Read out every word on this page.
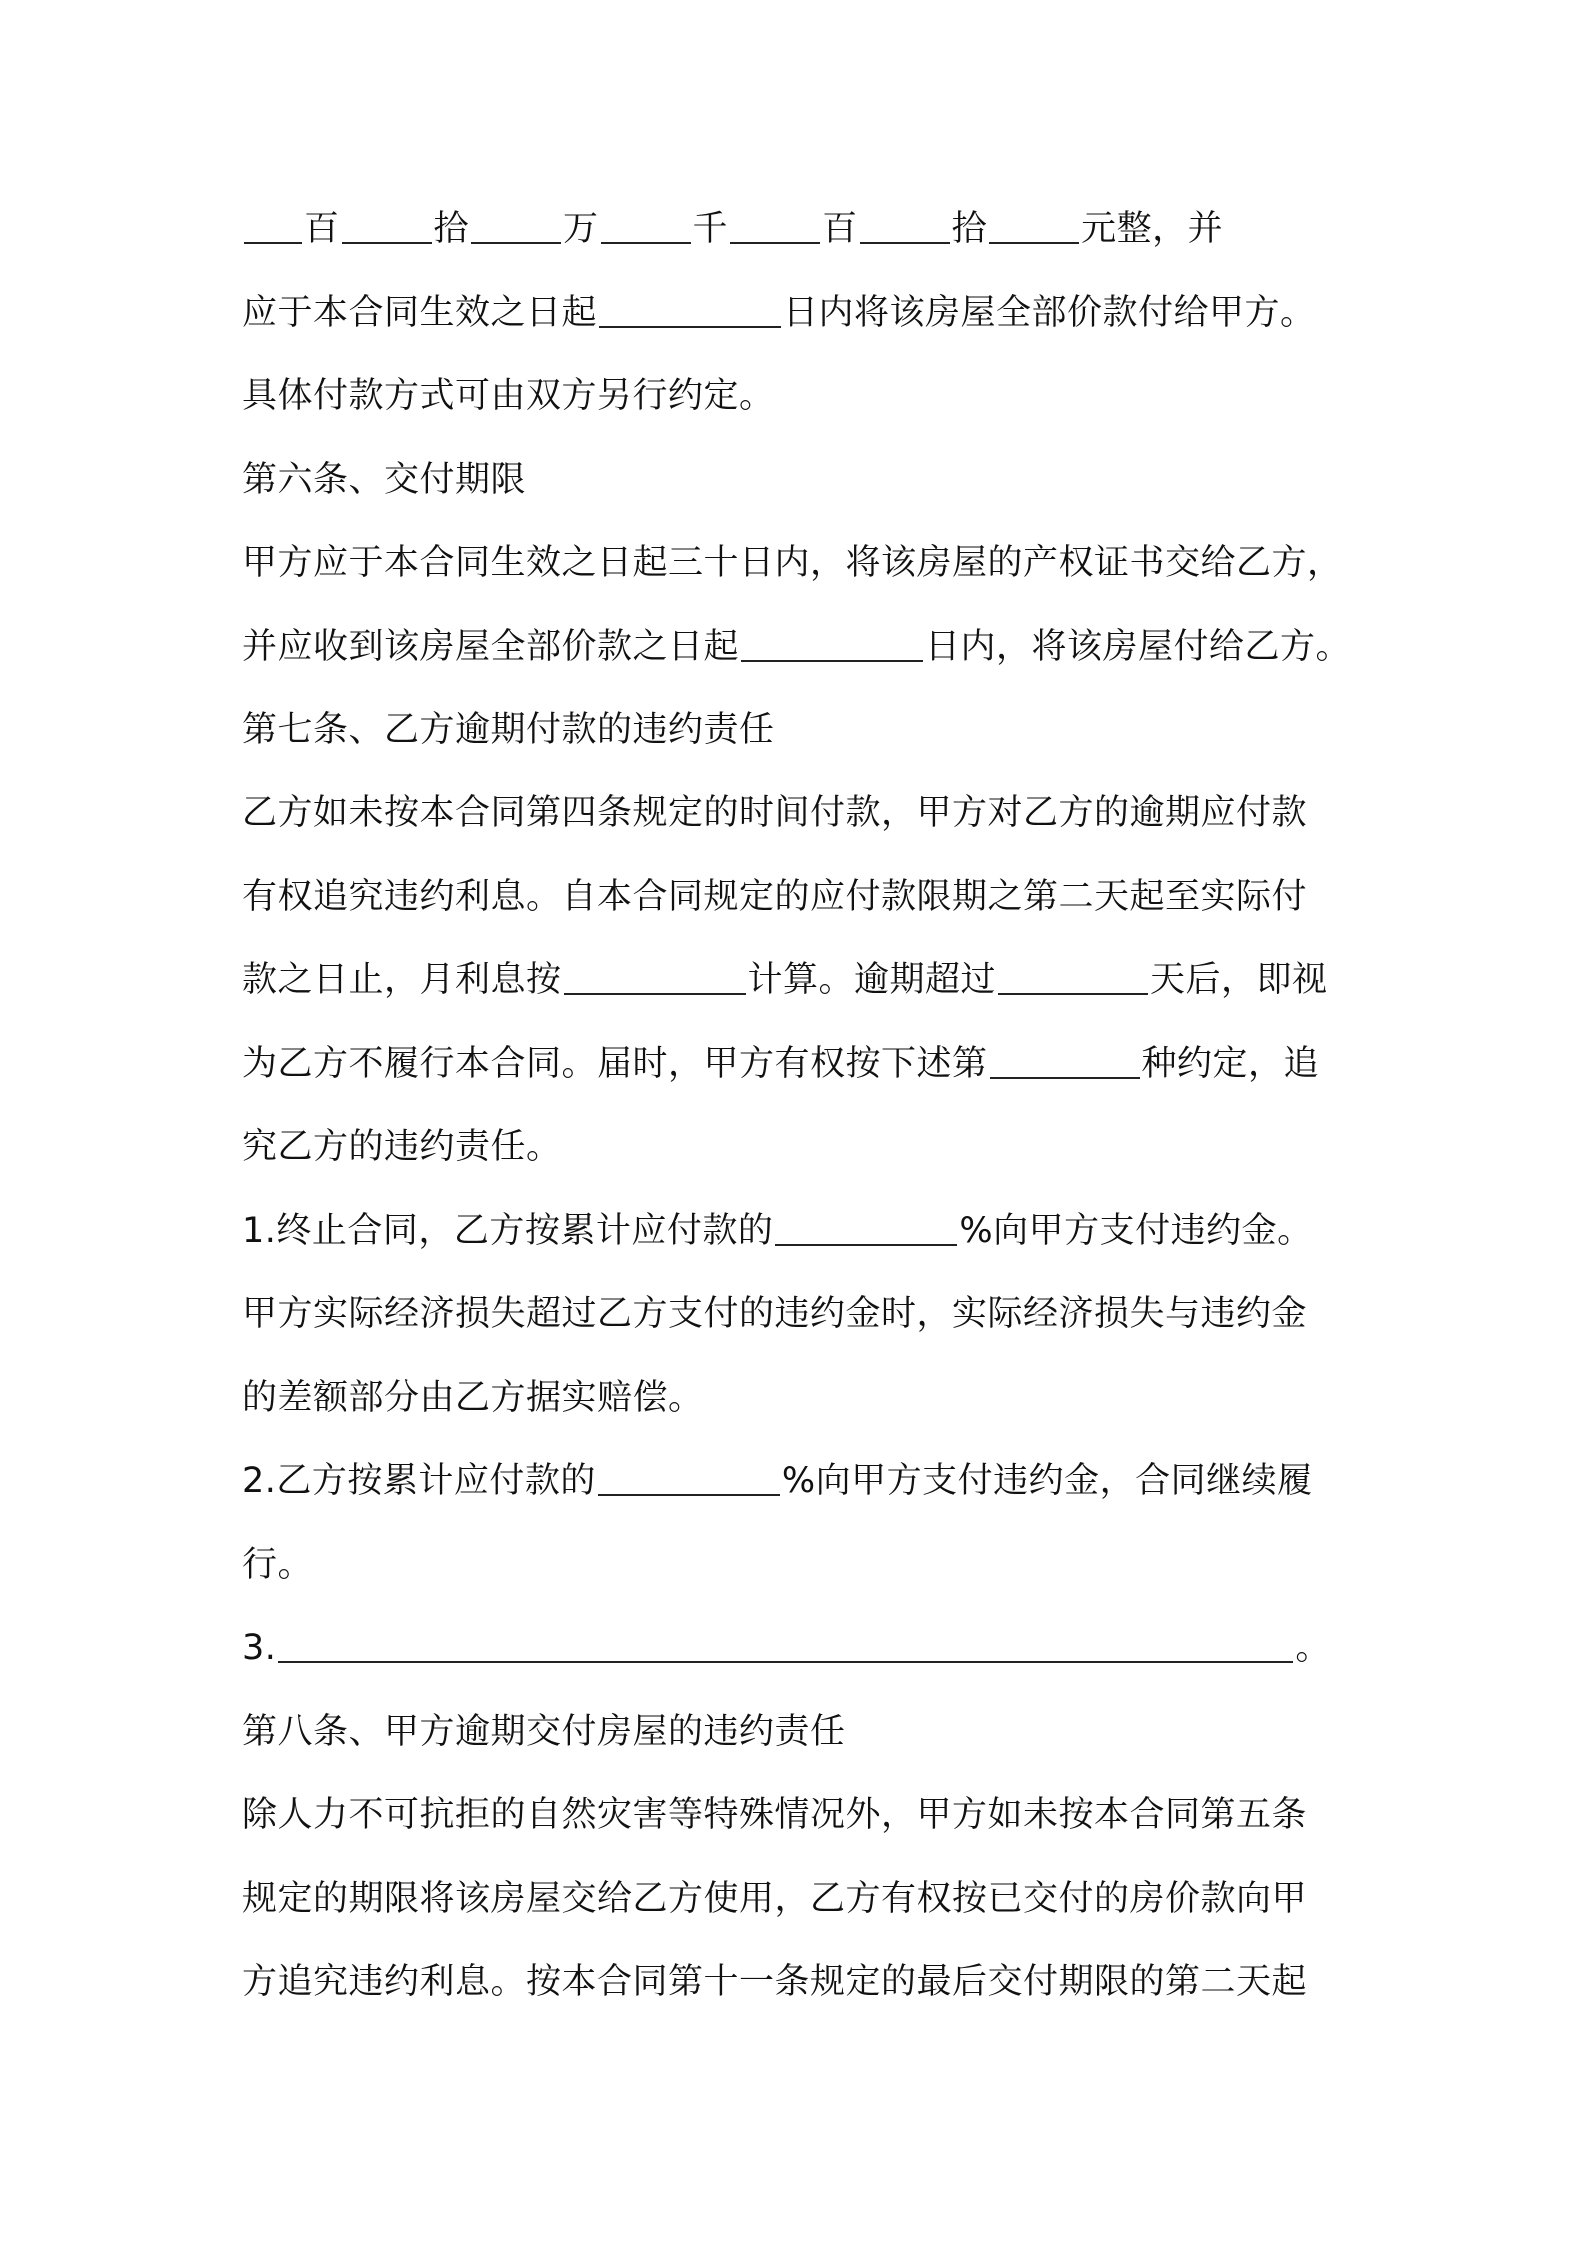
百	拾	万	千	百	拾	元整，并
应于本合同生效之日起	日内将该房屋全部价款付给甲方。
具体付款方式可由双方另行约定。
第六条、交付期限
甲方应于本合同生效之日起三十日内，将该房屋的产权证书交给乙方，
并应收到该房屋全部价款之日起	日内，将该房屋付给乙方。
第七条、乙方逾期付款的违约责任
乙方如未按本合同第四条规定的时间付款，甲方对乙方的逾期应付款
有权追究违约利息。自本合同规定的应付款限期之第二天起至实际付
款之日止，月利息按	计算。逾期超过	天后，即视
为乙方不履行本合同。届时，甲方有权按下述第	种约定，追
究乙方的违约责任。
1.终止合同，乙方按累计应付款的	%向甲方支付违约金。
甲方实际经济损失超过乙方支付的违约金时，实际经济损失与违约金
的差额部分由乙方据实赔偿。
2.乙方按累计应付款的	%向甲方支付违约金，合同继续履
行。
3.	。
第八条、甲方逾期交付房屋的违约责任
除人力不可抗拒的自然灾害等特殊情况外，甲方如未按本合同第五条
规定的期限将该房屋交给乙方使用，乙方有权按已交付的房价款向甲
方追究违约利息。按本合同第十一条规定的最后交付期限的第二天起
